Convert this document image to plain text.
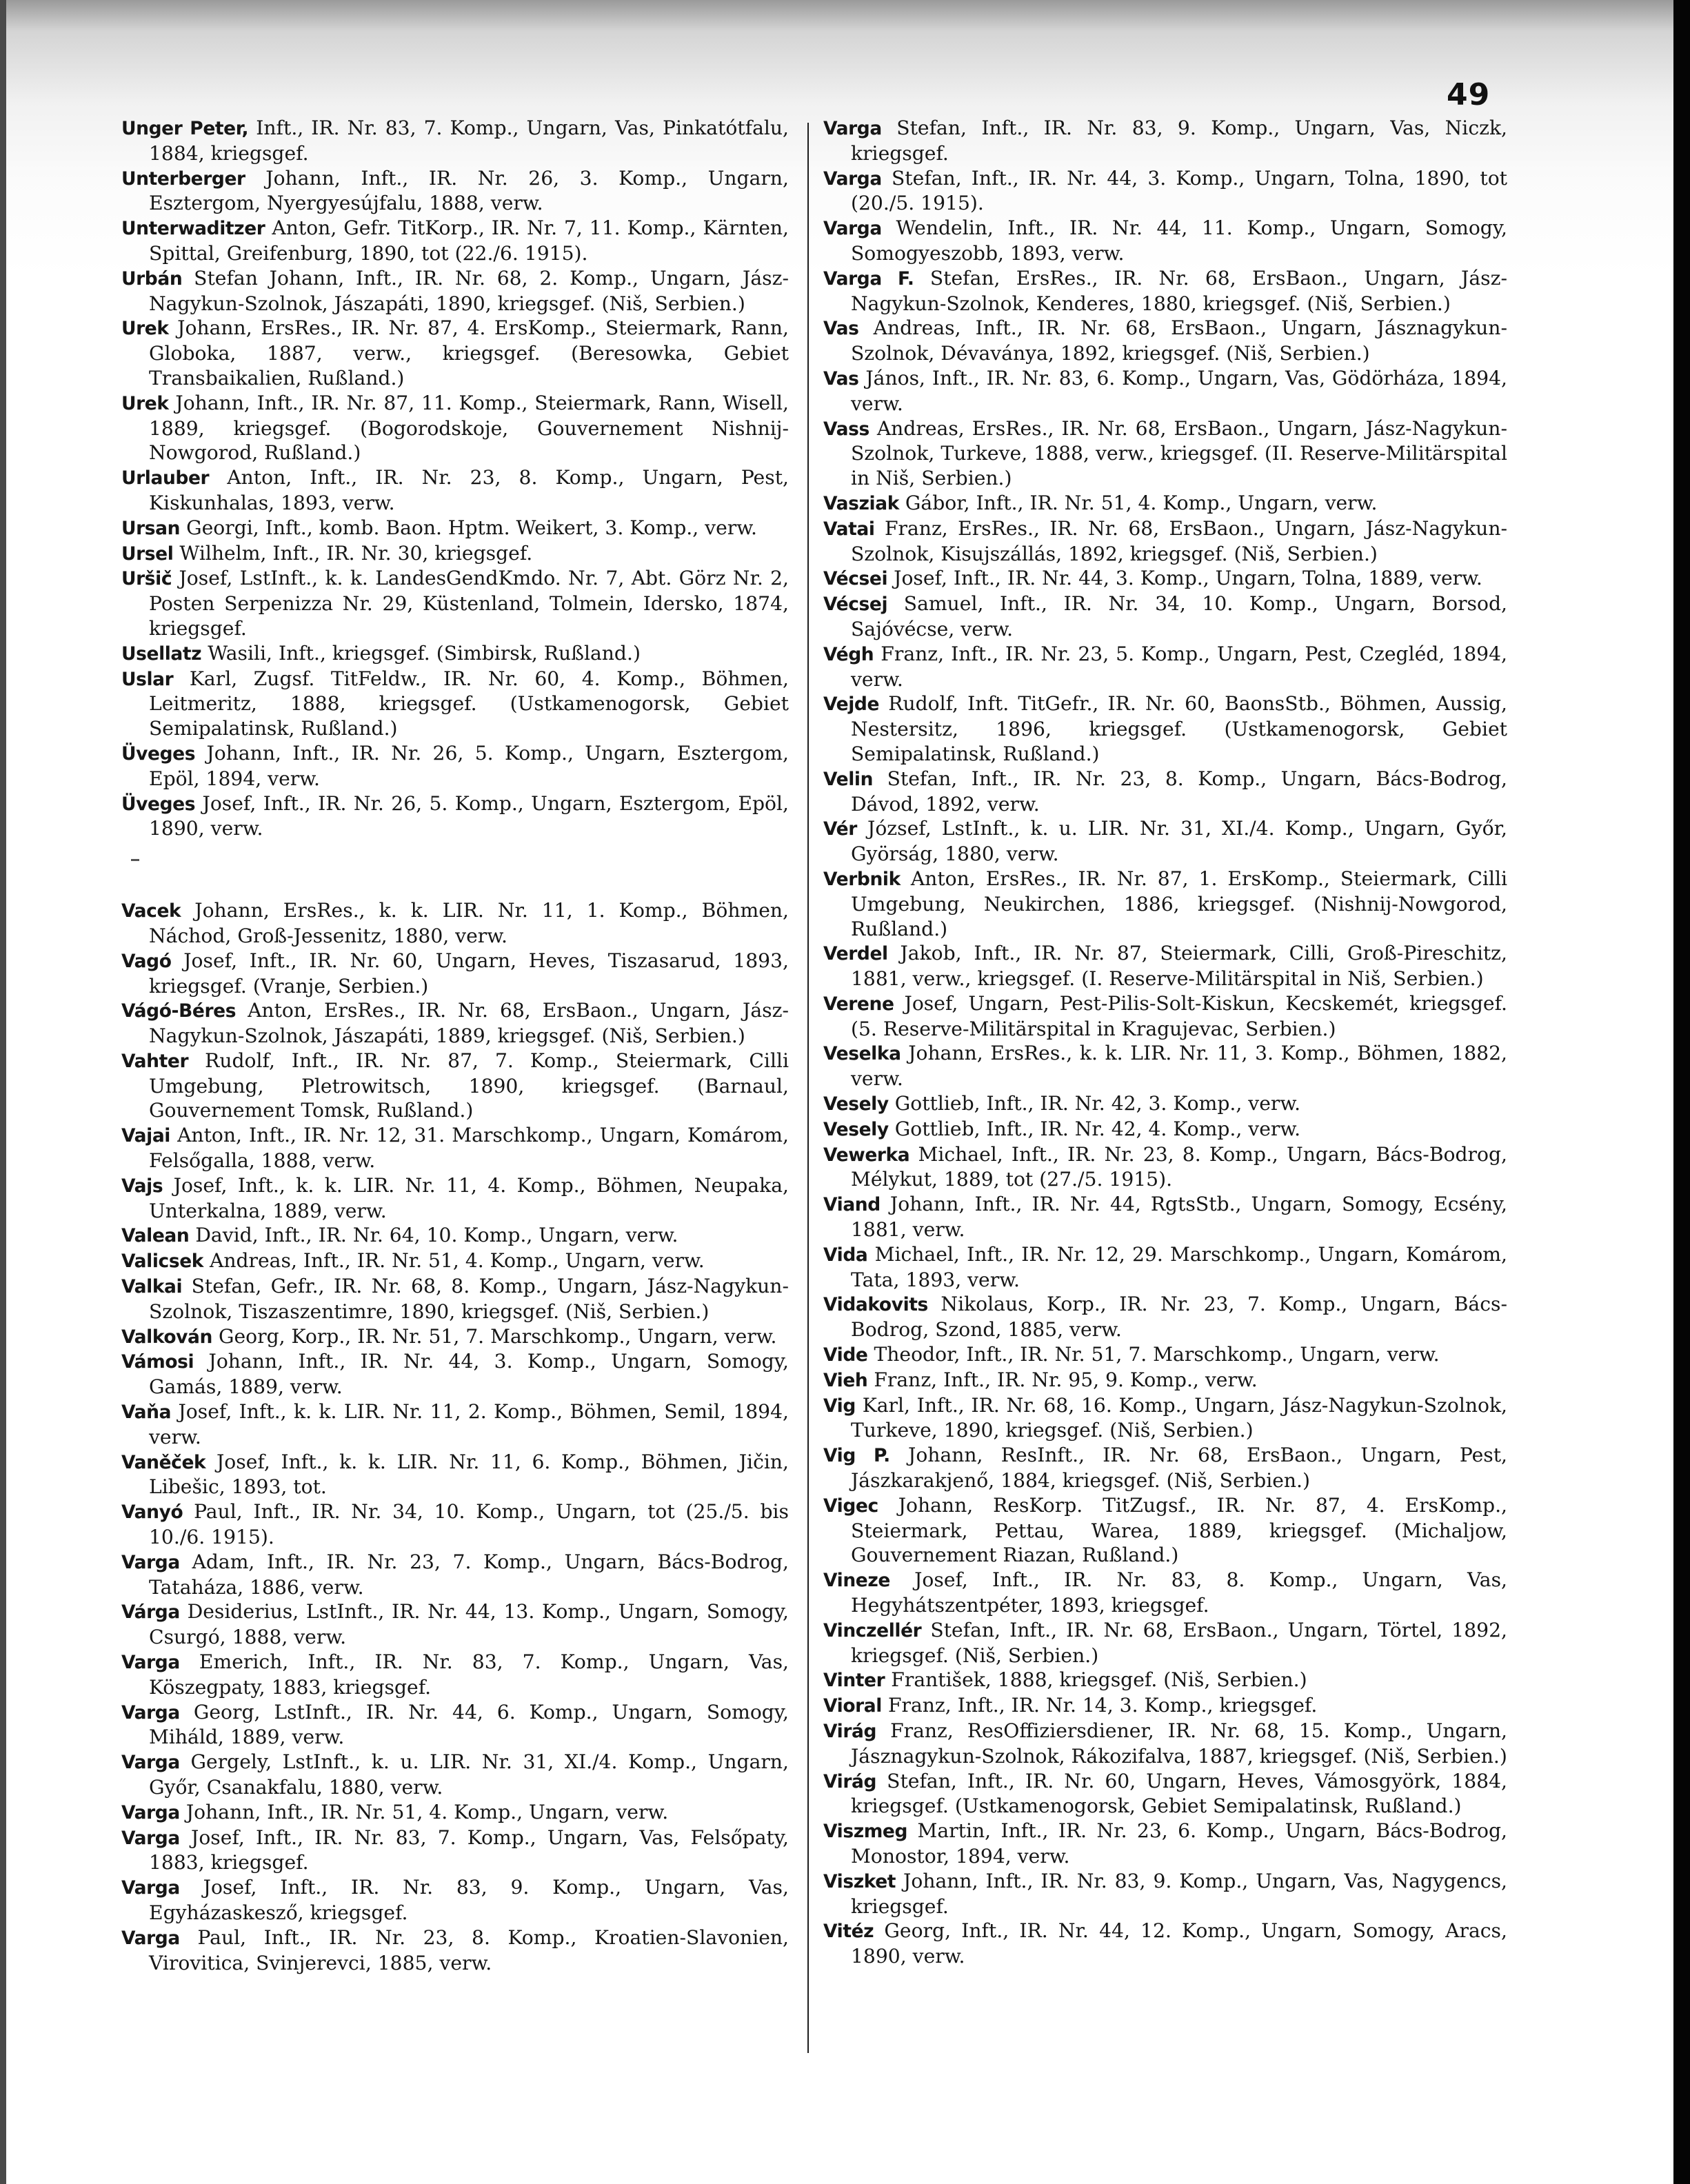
49

Unger Peter, Inft., IR. Nr. 83, 7. Komp., Ungarn, Vas, Pinkatótfalu, 1884, kriegsgef.

Unterberger Johann, Inft., IR. Nr. 26, 3. Komp., Ungarn, Esztergom, Nyergyesújfalu, 1888, verw.

Unterwaditzer Anton, Gefr. TitKorp., IR. Nr. 7, 11. Komp., Kärnten, Spittal, Greifenburg, 1890, tot (22./6. 1915).

Urbán Stefan Johann, Inft., IR. Nr. 68, 2. Komp., Ungarn, Jász-Nagykun-Szolnok, Jászapáti, 1890, kriegsgef. (Niš, Serbien.)

Urek Johann, ErsRes., IR. Nr. 87, 4. ErsKomp., Steiermark, Rann, Globoka, 1887, verw., kriegsgef. (Beresowka, Gebiet Transbaikalien, Rußland.)

Urek Johann, Inft., IR. Nr. 87, 11. Komp., Steiermark, Rann, Wisell, 1889, kriegsgef. (Bogorodskoje, Gouvernement Nishnij-Nowgorod, Rußland.)

Urlauber Anton, Inft., IR. Nr. 23, 8. Komp., Ungarn, Pest, Kiskunhalas, 1893, verw.

Ursan Georgi, Inft., komb. Baon. Hptm. Weikert, 3. Komp., verw.

Ursel Wilhelm, Inft., IR. Nr. 30, kriegsgef.

Uršič Josef, LstInft., k. k. LandesGendKmdo. Nr. 7, Abt. Görz Nr. 2, Posten Serpenizza Nr. 29, Küstenland, Tolmein, Idersko, 1874, kriegsgef.

Usellatz Wasili, Inft., kriegsgef. (Simbirsk, Rußland.)

Uslar Karl, Zugsf. TitFeldw., IR. Nr. 60, 4. Komp., Böhmen, Leitmeritz, 1888, kriegsgef. (Ustkamenogorsk, Gebiet Semipalatinsk, Rußland.)

Üveges Johann, Inft., IR. Nr. 26, 5. Komp., Ungarn, Esztergom, Epöl, 1894, verw.

Üveges Josef, Inft., IR. Nr. 26, 5. Komp., Ungarn, Esztergom, Epöl, 1890, verw.

Vacek Johann, ErsRes., k. k. LIR. Nr. 11, 1. Komp., Böhmen, Náchod, Groß-Jessenitz, 1880, verw.

Vagó Josef, Inft., IR. Nr. 60, Ungarn, Heves, Tiszasarud, 1893, kriegsgef. (Vranje, Serbien.)

Vágó-Béres Anton, ErsRes., IR. Nr. 68, ErsBaon., Ungarn, Jász-Nagykun-Szolnok, Jászapáti, 1889, kriegsgef. (Niš, Serbien.)

Vahter Rudolf, Inft., IR. Nr. 87, 7. Komp., Steiermark, Cilli Umgebung, Pletrowitsch, 1890, kriegsgef. (Barnaul, Gouvernement Tomsk, Rußland.)

Vajai Anton, Inft., IR. Nr. 12, 31. Marschkomp., Ungarn, Komárom, Felsőgalla, 1888, verw.

Vajs Josef, Inft., k. k. LIR. Nr. 11, 4. Komp., Böhmen, Neupaka, Unterkalna, 1889, verw.

Valean David, Inft., IR. Nr. 64, 10. Komp., Ungarn, verw.

Valicsek Andreas, Inft., IR. Nr. 51, 4. Komp., Ungarn, verw.

Valkai Stefan, Gefr., IR. Nr. 68, 8. Komp., Ungarn, Jász-Nagykun-Szolnok, Tiszaszentimre, 1890, kriegsgef. (Niš, Serbien.)

Valkován Georg, Korp., IR. Nr. 51, 7. Marschkomp., Ungarn, verw.

Vámosi Johann, Inft., IR. Nr. 44, 3. Komp., Ungarn, Somogy, Gamás, 1889, verw.

Vaňa Josef, Inft., k. k. LIR. Nr. 11, 2. Komp., Böhmen, Semil, 1894, verw.

Vaněček Josef, Inft., k. k. LIR. Nr. 11, 6. Komp., Böhmen, Jičin, Libešic, 1893, tot.

Vanyó Paul, Inft., IR. Nr. 34, 10. Komp., Ungarn, tot (25./5. bis 10./6. 1915).

Varga Adam, Inft., IR. Nr. 23, 7. Komp., Ungarn, Bács-Bodrog, Tataháza, 1886, verw.

Várga Desiderius, LstInft., IR. Nr. 44, 13. Komp., Ungarn, Somogy, Csurgó, 1888, verw.

Varga Emerich, Inft., IR. Nr. 83, 7. Komp., Ungarn, Vas, Köszegpaty, 1883, kriegsgef.

Varga Georg, LstInft., IR. Nr. 44, 6. Komp., Ungarn, Somogy, Miháld, 1889, verw.

Varga Gergely, LstInft., k. u. LIR. Nr. 31, XI./4. Komp., Ungarn, Győr, Csanakfalu, 1880, verw.

Varga Johann, Inft., IR. Nr. 51, 4. Komp., Ungarn, verw.

Varga Josef, Inft., IR. Nr. 83, 7. Komp., Ungarn, Vas, Felsőpaty, 1883, kriegsgef.

Varga Josef, Inft., IR. Nr. 83, 9. Komp., Ungarn, Vas, Egyházaskesző, kriegsgef.

Varga Paul, Inft., IR. Nr. 23, 8. Komp., Kroatien-Slavonien, Virovitica, Svinjerevci, 1885, verw.

Varga Stefan, Inft., IR. Nr. 83, 9. Komp., Ungarn, Vas, Niczk, kriegsgef.

Varga Stefan, Inft., IR. Nr. 44, 3. Komp., Ungarn, Tolna, 1890, tot (20./5. 1915).

Varga Wendelin, Inft., IR. Nr. 44, 11. Komp., Ungarn, Somogy, Somogyeszobb, 1893, verw.

Varga F. Stefan, ErsRes., IR. Nr. 68, ErsBaon., Ungarn, Jász-Nagykun-Szolnok, Kenderes, 1880, kriegsgef. (Niš, Serbien.)

Vas Andreas, Inft., IR. Nr. 68, ErsBaon., Ungarn, Jásznagykun-Szolnok, Dévaványa, 1892, kriegsgef. (Niš, Serbien.)

Vas János, Inft., IR. Nr. 83, 6. Komp., Ungarn, Vas, Gödörháza, 1894, verw.

Vass Andreas, ErsRes., IR. Nr. 68, ErsBaon., Ungarn, Jász-Nagykun-Szolnok, Turkeve, 1888, verw., kriegsgef. (II. Reserve-Militärspital in Niš, Serbien.)

Vasziak Gábor, Inft., IR. Nr. 51, 4. Komp., Ungarn, verw.

Vatai Franz, ErsRes., IR. Nr. 68, ErsBaon., Ungarn, Jász-Nagykun-Szolnok, Kisujszállás, 1892, kriegsgef. (Niš, Serbien.)

Vécsei Josef, Inft., IR. Nr. 44, 3. Komp., Ungarn, Tolna, 1889, verw.

Vécsej Samuel, Inft., IR. Nr. 34, 10. Komp., Ungarn, Borsod, Sajóvécse, verw.

Végh Franz, Inft., IR. Nr. 23, 5. Komp., Ungarn, Pest, Czegléd, 1894, verw.

Vejde Rudolf, Inft. TitGefr., IR. Nr. 60, BaonsStb., Böhmen, Aussig, Nestersitz, 1896, kriegsgef. (Ustkamenogorsk, Gebiet Semipalatinsk, Rußland.)

Velin Stefan, Inft., IR. Nr. 23, 8. Komp., Ungarn, Bács-Bodrog, Dávod, 1892, verw.

Vér József, LstInft., k. u. LIR. Nr. 31, XI./4. Komp., Ungarn, Győr, Györság, 1880, verw.

Verbnik Anton, ErsRes., IR. Nr. 87, 1. ErsKomp., Steiermark, Cilli Umgebung, Neukirchen, 1886, kriegsgef. (Nishnij-Nowgorod, Rußland.)

Verdel Jakob, Inft., IR. Nr. 87, Steiermark, Cilli, Groß-Pireschitz, 1881, verw., kriegsgef. (I. Reserve-Militärspital in Niš, Serbien.)

Verene Josef, Ungarn, Pest-Pilis-Solt-Kiskun, Kecskemét, kriegsgef. (5. Reserve-Militärspital in Kragujevac, Serbien.)

Veselka Johann, ErsRes., k. k. LIR. Nr. 11, 3. Komp., Böhmen, 1882, verw.

Vesely Gottlieb, Inft., IR. Nr. 42, 3. Komp., verw.

Vesely Gottlieb, Inft., IR. Nr. 42, 4. Komp., verw.

Vewerka Michael, Inft., IR. Nr. 23, 8. Komp., Ungarn, Bács-Bodrog, Mélykut, 1889, tot (27./5. 1915).

Viand Johann, Inft., IR. Nr. 44, RgtsStb., Ungarn, Somogy, Ecsény, 1881, verw.

Vida Michael, Inft., IR. Nr. 12, 29. Marschkomp., Ungarn, Komárom, Tata, 1893, verw.

Vidakovits Nikolaus, Korp., IR. Nr. 23, 7. Komp., Ungarn, Bács-Bodrog, Szond, 1885, verw.

Vide Theodor, Inft., IR. Nr. 51, 7. Marschkomp., Ungarn, verw.

Vieh Franz, Inft., IR. Nr. 95, 9. Komp., verw.

Vig Karl, Inft., IR. Nr. 68, 16. Komp., Ungarn, Jász-Nagykun-Szolnok, Turkeve, 1890, kriegsgef. (Niš, Serbien.)

Vig P. Johann, ResInft., IR. Nr. 68, ErsBaon., Ungarn, Pest, Jászkarakjenő, 1884, kriegsgef. (Niš, Serbien.)

Vigec Johann, ResKorp. TitZugsf., IR. Nr. 87, 4. ErsKomp., Steiermark, Pettau, Warea, 1889, kriegsgef. (Michaljow, Gouvernement Riazan, Rußland.)

Vineze Josef, Inft., IR. Nr. 83, 8. Komp., Ungarn, Vas, Hegyhátszentpéter, 1893, kriegsgef.

Vinczellér Stefan, Inft., IR. Nr. 68, ErsBaon., Ungarn, Törtel, 1892, kriegsgef. (Niš, Serbien.)

Vinter František, 1888, kriegsgef. (Niš, Serbien.)

Vioral Franz, Inft., IR. Nr. 14, 3. Komp., kriegsgef.

Virág Franz, ResOffiziersdiener, IR. Nr. 68, 15. Komp., Ungarn, Jásznagykun-Szolnok, Rákozifalva, 1887, kriegsgef. (Niš, Serbien.)

Virág Stefan, Inft., IR. Nr. 60, Ungarn, Heves, Vámosgyörk, 1884, kriegsgef. (Ustkamenogorsk, Gebiet Semipalatinsk, Rußland.)

Viszmeg Martin, Inft., IR. Nr. 23, 6. Komp., Ungarn, Bács-Bodrog, Monostor, 1894, verw.

Viszket Johann, Inft., IR. Nr. 83, 9. Komp., Ungarn, Vas, Nagygencs, kriegsgef.

Vitéz Georg, Inft., IR. Nr. 44, 12. Komp., Ungarn, Somogy, Aracs, 1890, verw.
